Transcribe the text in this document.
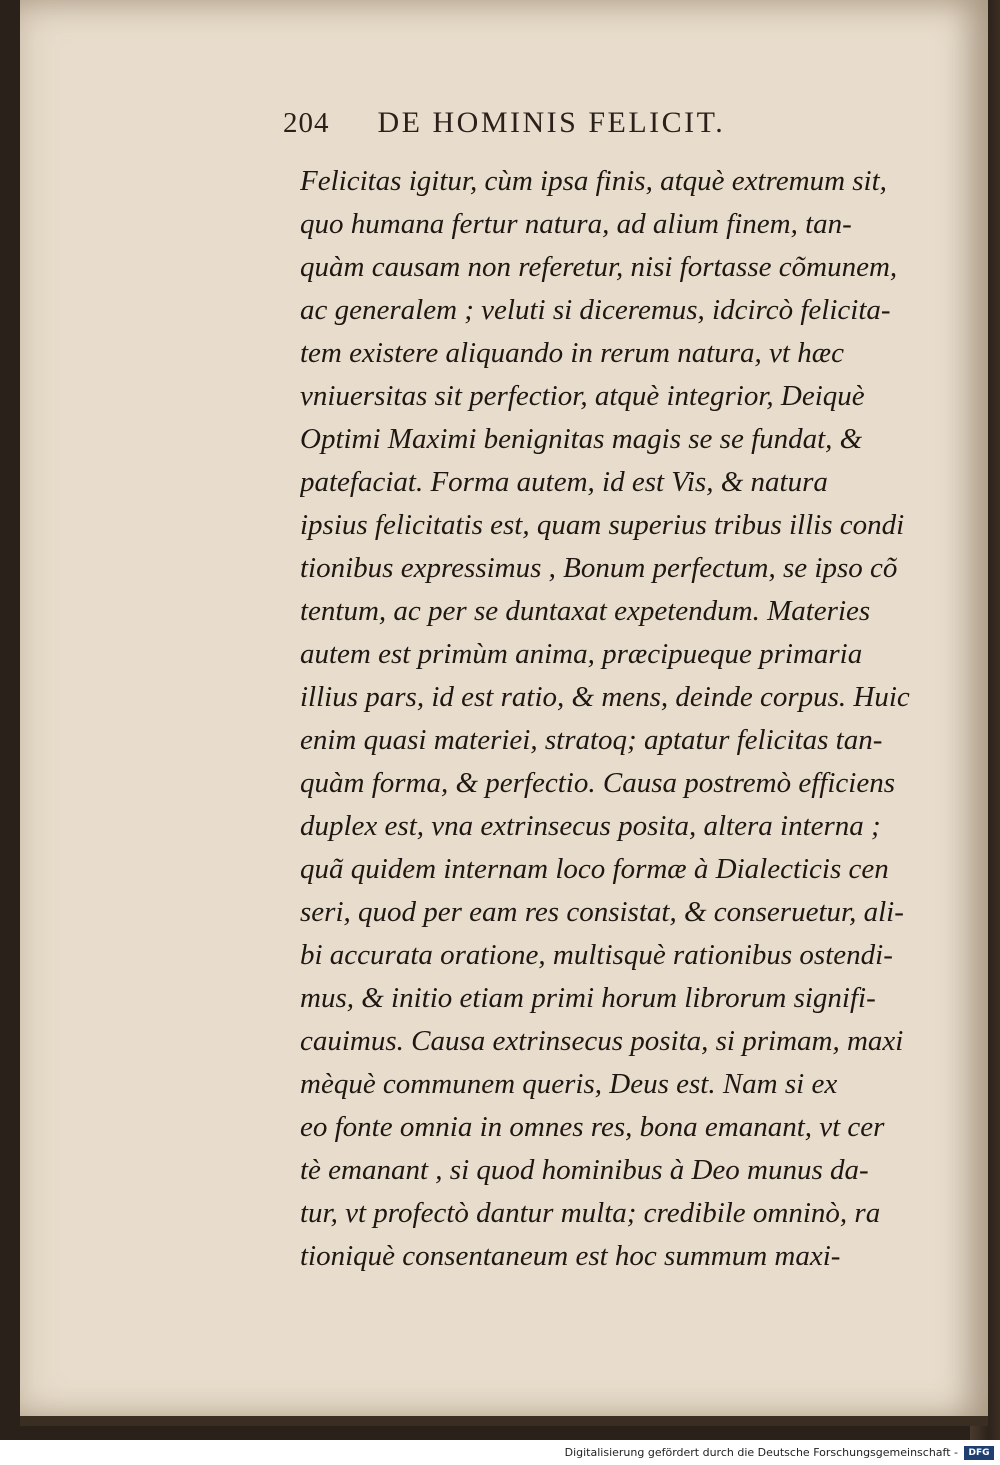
204 DE HOMINIS FELICIT.
Felicitas igitur, cùm ipsa finis, atquè extremum sit,
quo humana fertur natura, ad alium finem, tan-
quàm causam non referetur, nisi fortasse cõmunem,
ac generalem ; veluti si diceremus, idcircò felicita-
tem existere aliquando in rerum natura, vt hæc
vniuersitas sit perfectior, atquè integrior, Deiquè
Optimi Maximi benignitas magis se se fundat, &
patefaciat. Forma autem, id est Vis, & natura
ipsius felicitatis est, quam superius tribus illis condi
tionibus expressimus , Bonum perfectum, se ipso cõ
tentum, ac per se duntaxat expetendum. Materies
autem est primùm anima, præcipueque primaria
illius pars, id est ratio, & mens, deinde corpus. Huic
enim quasi materiei, stratoq; aptatur felicitas tan-
quàm forma, & perfectio. Causa postremò efficiens
duplex est, vna extrinsecus posita, altera interna ;
quã quidem internam loco formæ à Dialecticis cen
seri, quod per eam res consistat, & conseruetur, ali-
bi accurata oratione, multisquè rationibus ostendi-
mus, & initio etiam primi horum librorum signifi-
cauimus. Causa extrinsecus posita, si primam, maxi
mèquè communem queris, Deus est. Nam si ex
eo fonte omnia in omnes res, bona emanant, vt cer
tè emanant , si quod hominibus à Deo munus da-
tur, vt profectò dantur multa; credibile omninò, ra
tioniquè consentaneum est hoc summum maxi-
Digitalisierung gefördert durch die Deutsche Forschungsgemeinschaft -	DFG
